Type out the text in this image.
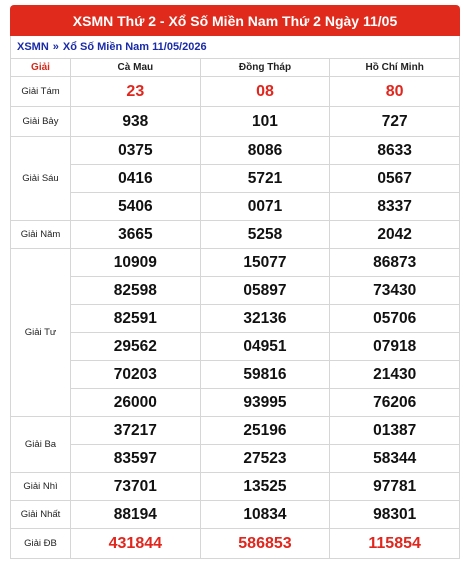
XSMN Thứ 2 - Xổ Số Miền Nam Thứ 2 Ngày 11/05
XSMN » Xổ Số Miền Nam 11/05/2026
Giải	Cà Mau	Đồng Tháp	Hồ Chí Minh
Giải Tám	23	08	80
Giải Bảy	938	101	727
Giải Sáu	0375	8086	8633
	0416	5721	0567
	5406	0071	8337
Giải Năm	3665	5258	2042
Giải Tư	10909	15077	86873
	82598	05897	73430
	82591	32136	05706
	29562	04951	07918
	70203	59816	21430
	26000	93995	76206
Giải Ba	37217	25196	01387
	83597	27523	58344
Giải Nhì	73701	13525	97781
Giải Nhất	88194	10834	98301
Giải ĐB	431844	586853	115854
